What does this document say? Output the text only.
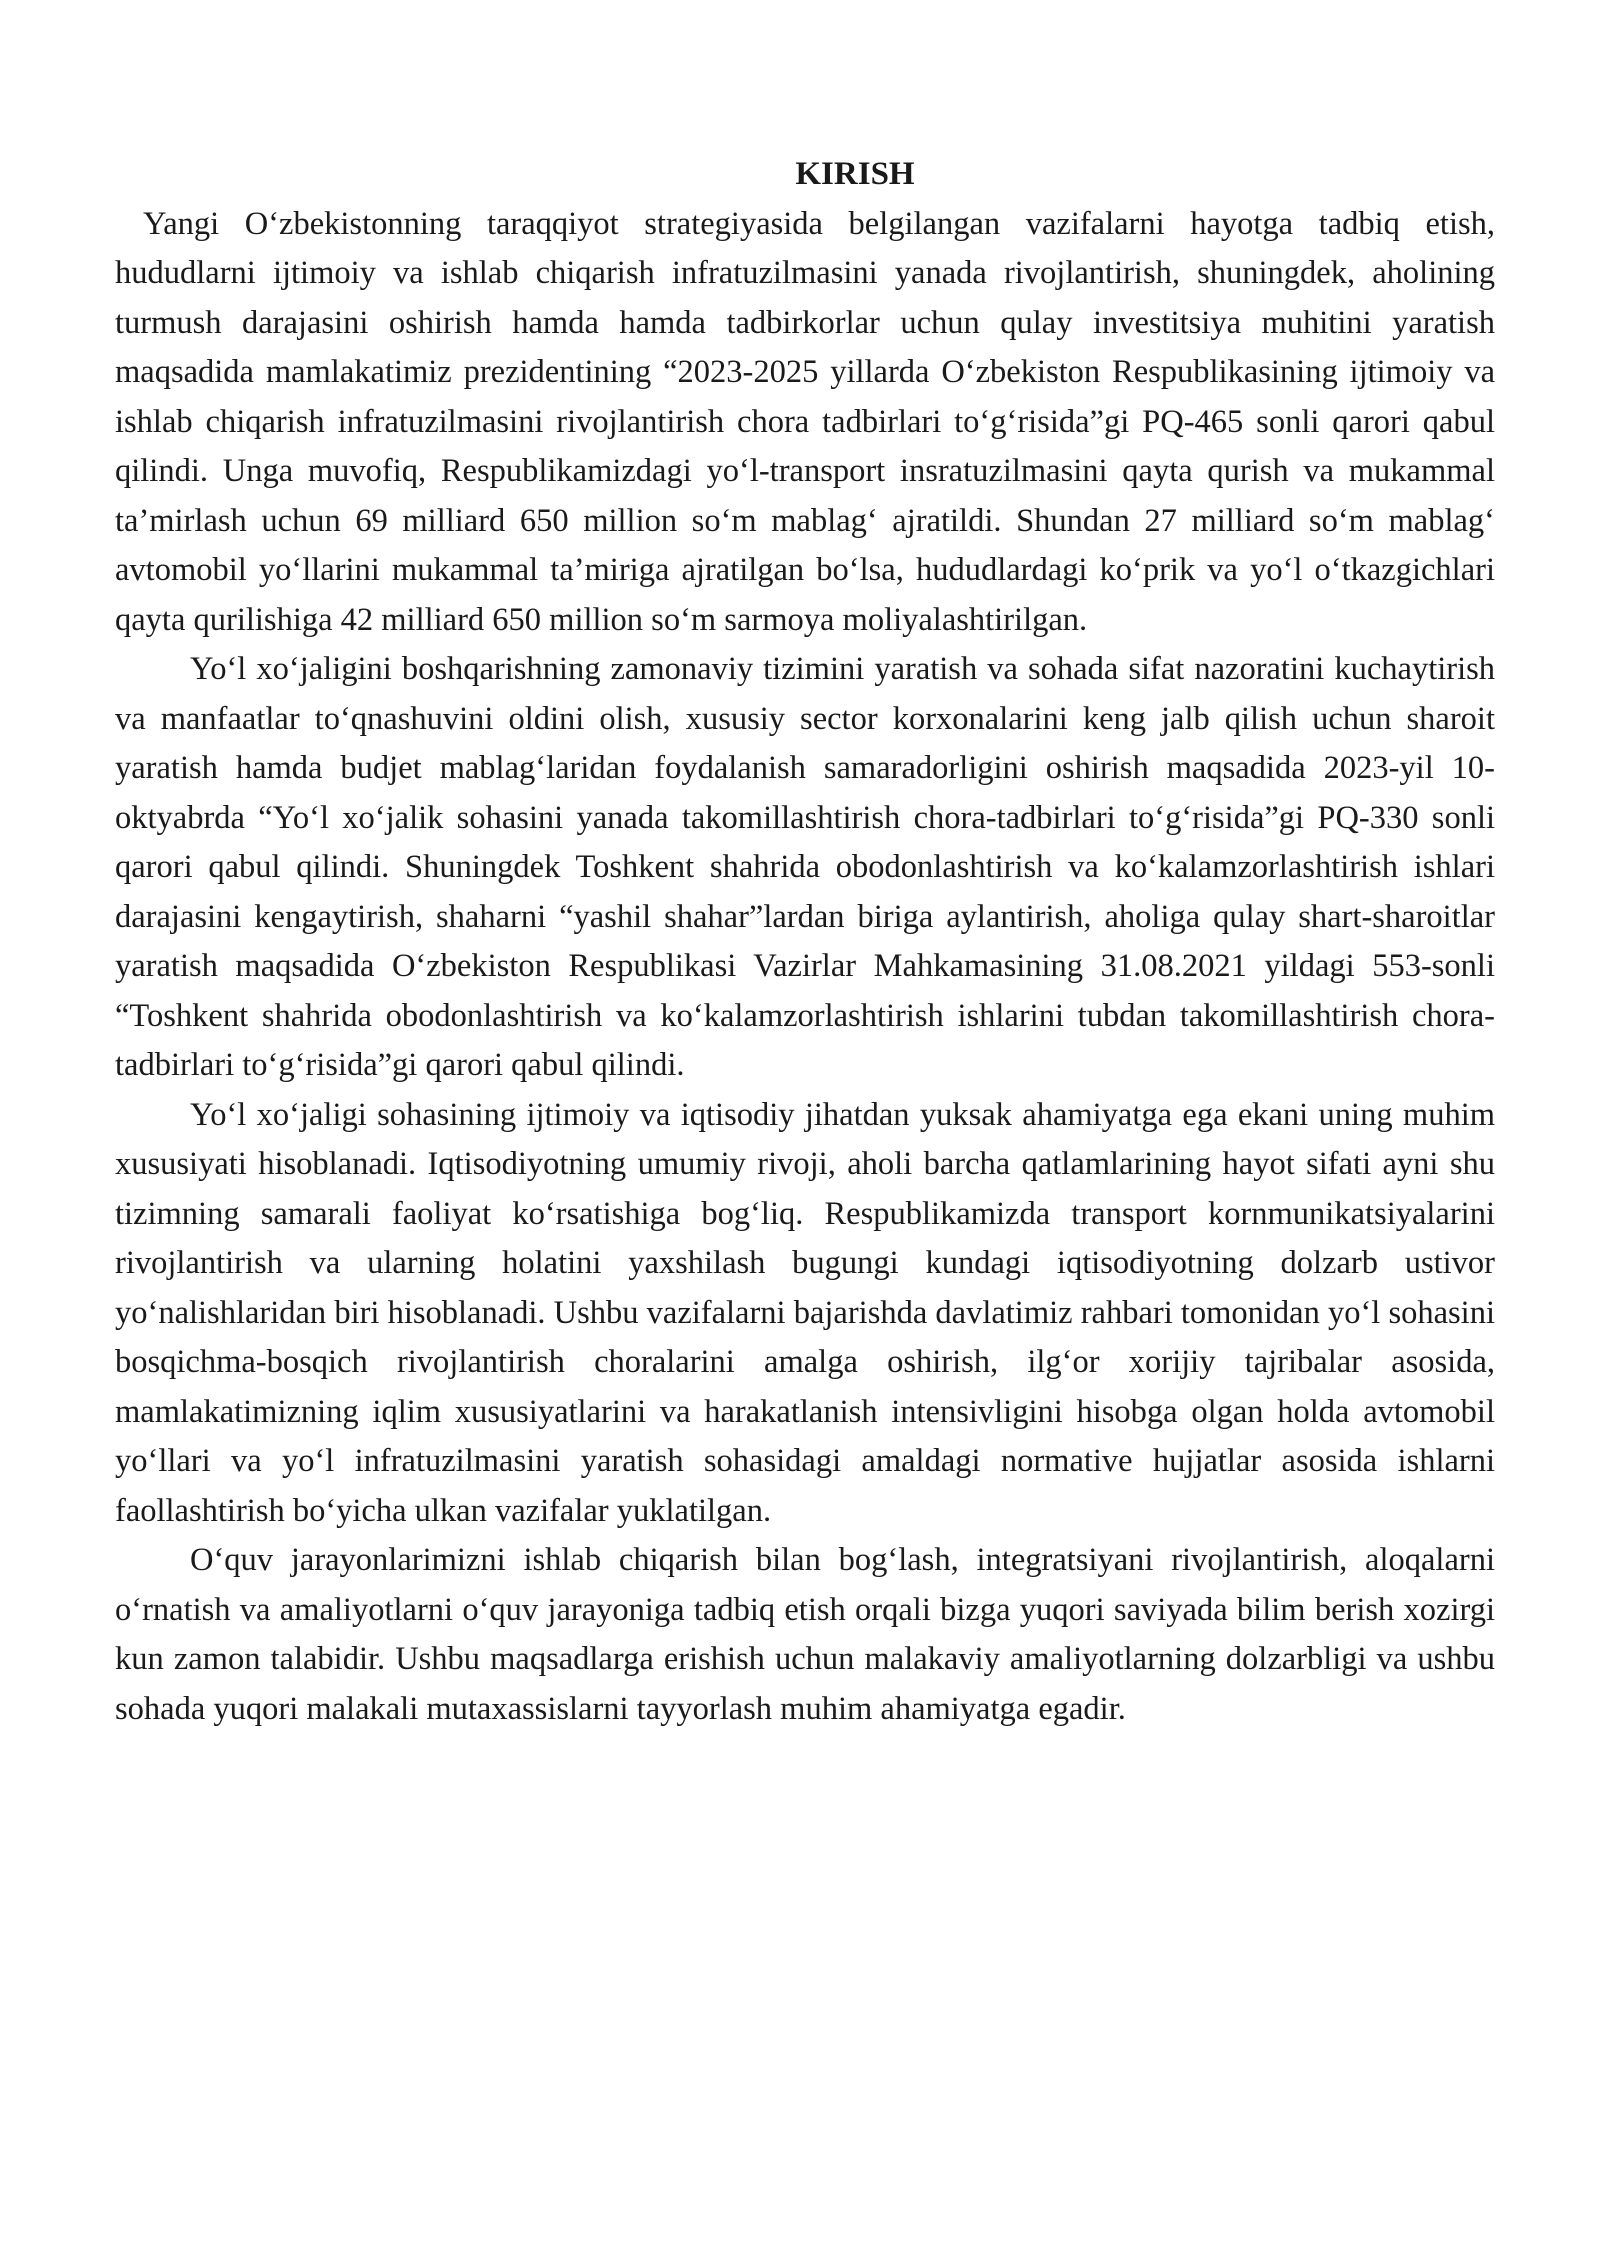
KIRISH

Yangi O‘zbekistonning taraqqiyot strategiyasida belgilangan vazifalarni hayotga tadbiq etish, hududlarni ijtimoiy va ishlab chiqarish infratuzilmasini yanada rivojlantirish, shuningdek, aholining turmush darajasini oshirish hamda hamda tadbirkorlar uchun qulay investitsiya muhitini yaratish maqsadida mamlakatimiz prezidentining “2023-2025 yillarda O‘zbekiston Respublikasining ijtimoiy va ishlab chiqarish infratuzilmasini rivojlantirish chora tadbirlari to‘g‘risida”gi PQ-465 sonli qarori qabul qilindi. Unga muvofiq, Respublikamizdagi yo‘l-transport insratuzilmasini qayta qurish va mukammal ta’mirlash uchun 69 milliard 650 million so‘m mablag‘ ajratildi. Shundan 27 milliard so‘m mablag‘ avtomobil yo‘llarini mukammal ta’miriga ajratilgan bo‘lsa, hududlardagi ko‘prik va yo‘l o‘tkazgichlari qayta qurilishiga 42 milliard 650 million so‘m sarmoya moliyalashtirilgan.

Yo‘l xo‘jaligini boshqarishning zamonaviy tizimini yaratish va sohada sifat nazoratini kuchaytirish va manfaatlar to‘qnashuvini oldini olish, xususiy sector korxonalarini keng jalb qilish uchun sharoit yaratish hamda budjet mablag‘laridan foydalanish samaradorligini oshirish maqsadida 2023-yil 10-oktyabrda “Yo‘l xo‘jalik sohasini yanada takomillashtirish chora-tadbirlari to‘g‘risida”gi PQ-330 sonli qarori qabul qilindi. Shuningdek Toshkent shahrida obodonlashtirish va ko‘kalamzorlashtirish ishlari darajasini kengaytirish, shaharni “yashil shahar”lardan biriga aylantirish, aholiga qulay shart-sharoitlar yaratish maqsadida O‘zbekiston Respublikasi Vazirlar Mahkamasining 31.08.2021 yildagi 553-sonli “Toshkent shahrida obodonlashtirish va ko‘kalamzorlashtirish ishlarini tubdan takomillashtirish chora-tadbirlari to‘g‘risida”gi qarori qabul qilindi.

Yo‘l xo‘jaligi sohasining ijtimoiy va iqtisodiy jihatdan yuksak ahamiyatga ega ekani uning muhim xususiyati hisoblanadi. Iqtisodiyotning umumiy rivoji, aholi barcha qatlamlarining hayot sifati ayni shu tizimning samarali faoliyat ko‘rsatishiga bog‘liq. Respublikamizda transport kornmunikatsiyalarini rivojlantirish va ularning holatini yaxshilash bugungi kundagi iqtisodiyotning dolzarb ustivor yo‘nalishlaridan biri hisoblanadi. Ushbu vazifalarni bajarishda davlatimiz rahbari tomonidan yo‘l sohasini bosqichma-bosqich rivojlantirish choralarini amalga oshirish, ilg‘or xorijiy tajribalar asosida, mamlakatimizning iqlim xususiyatlarini va harakatlanish intensivligini hisobga olgan holda avtomobil yo‘llari va yo‘l infratuzilmasini yaratish sohasidagi amaldagi normative hujjatlar asosida ishlarni faollashtirish bo‘yicha ulkan vazifalar yuklatilgan.

O‘quv jarayonlarimizni ishlab chiqarish bilan bog‘lash, integratsiyani rivojlantirish, aloqalarni o‘rnatish va amaliyotlarni o‘quv jarayoniga tadbiq etish orqali bizga yuqori saviyada bilim berish xozirgi kun zamon talabidir. Ushbu maqsadlarga erishish uchun malakaviy amaliyotlarning dolzarbligi va ushbu sohada yuqori malakali mutaxassislarni tayyorlash muhim ahamiyatga egadir.
